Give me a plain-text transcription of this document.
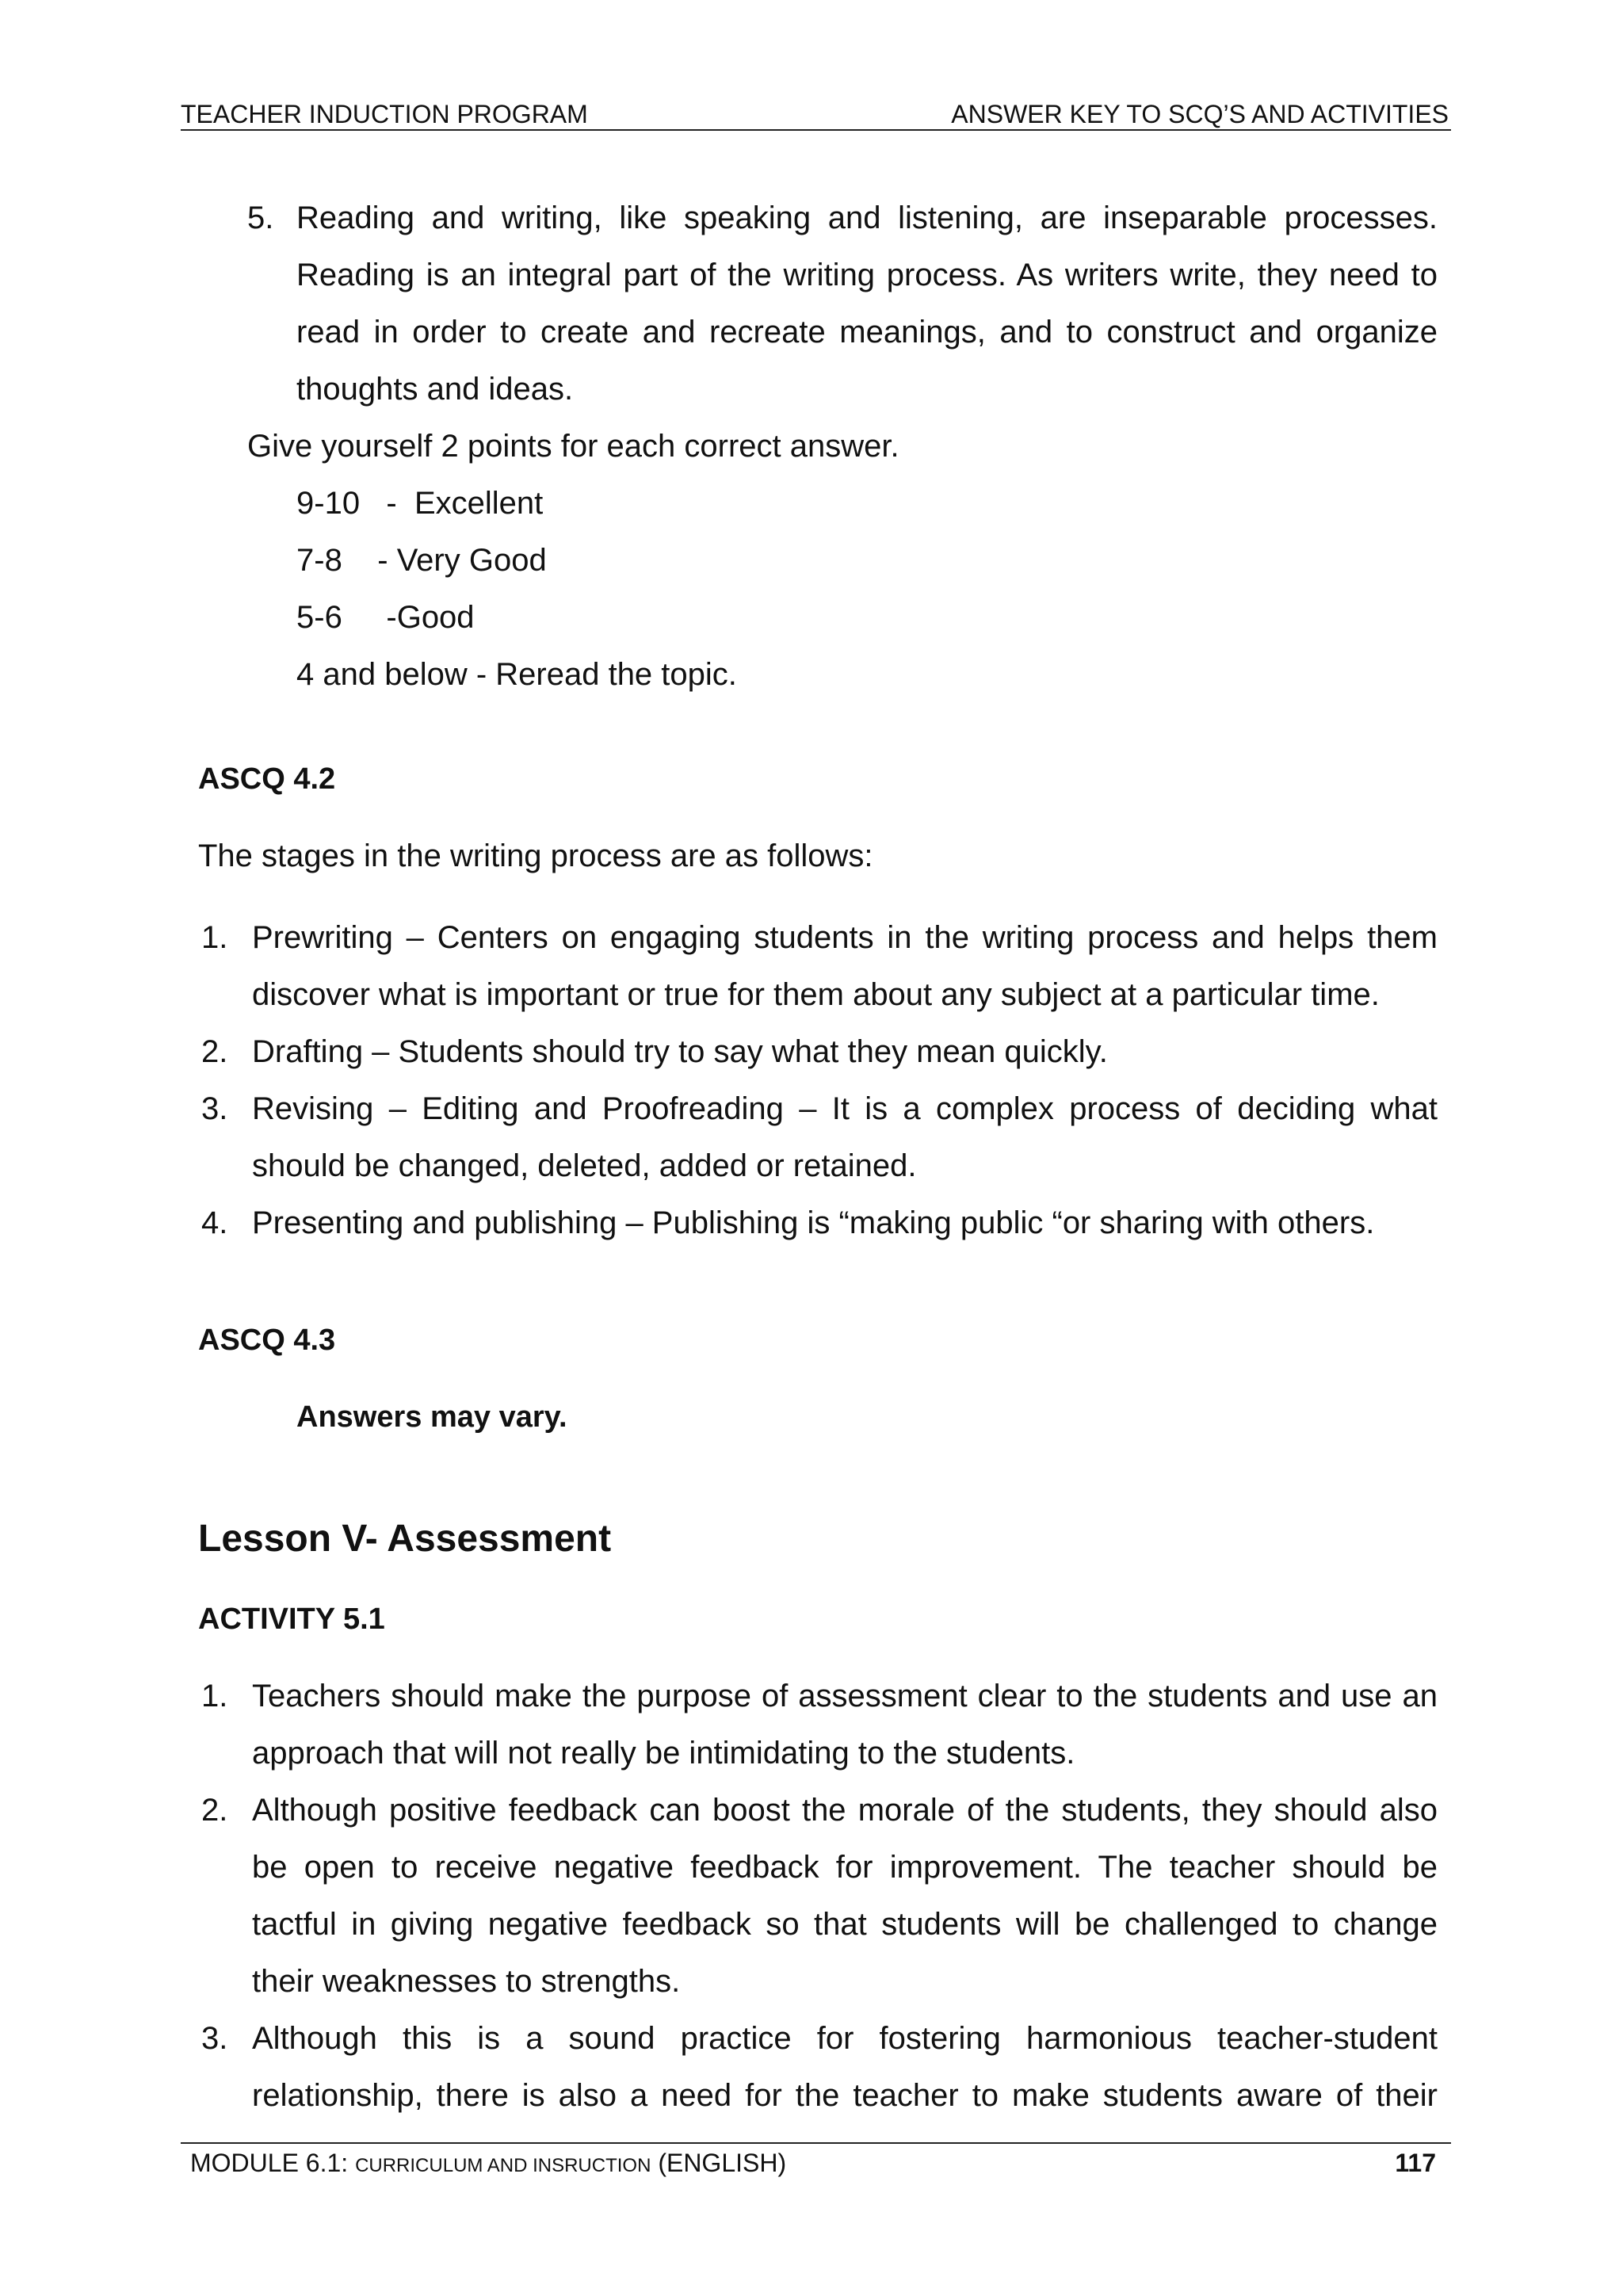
TEACHER INDUCTION PROGRAM	ANSWER KEY TO SCQ’S AND ACTIVITIES
5. Reading and writing, like speaking and listening, are inseparable processes. Reading is an integral part of the writing process. As writers write, they need to read in order to create and recreate meanings, and to construct and organize thoughts and ideas.
Give yourself 2 points for each correct answer.
9-10   -  Excellent
7-8    - Very Good
5-6     -Good
4 and below - Reread the topic.
ASCQ 4.2
The stages in the writing process are as follows:
1. Prewriting – Centers on engaging students in the writing process and helps them discover what is important or true for them about any subject at a particular time.
2. Drafting – Students should try to say what they mean quickly.
3. Revising – Editing and Proofreading – It is a complex process of deciding what should be changed, deleted, added or retained.
4. Presenting and publishing – Publishing is “making public “or sharing with others.
ASCQ 4.3
Answers may vary.
Lesson V- Assessment
ACTIVITY 5.1
1. Teachers should make the purpose of assessment clear to the students and use an approach that will not really be intimidating to the students.
2. Although positive feedback can boost the morale of the students, they should also be open to receive negative feedback for improvement. The teacher should be tactful in giving negative feedback so that students will be challenged to change their weaknesses to strengths.
3. Although this is a sound practice for fostering harmonious teacher-student relationship, there is also a need for the teacher to make students aware of their
MODULE 6.1: CURRICULUM AND INSRUCTION (ENGLISH)	117
